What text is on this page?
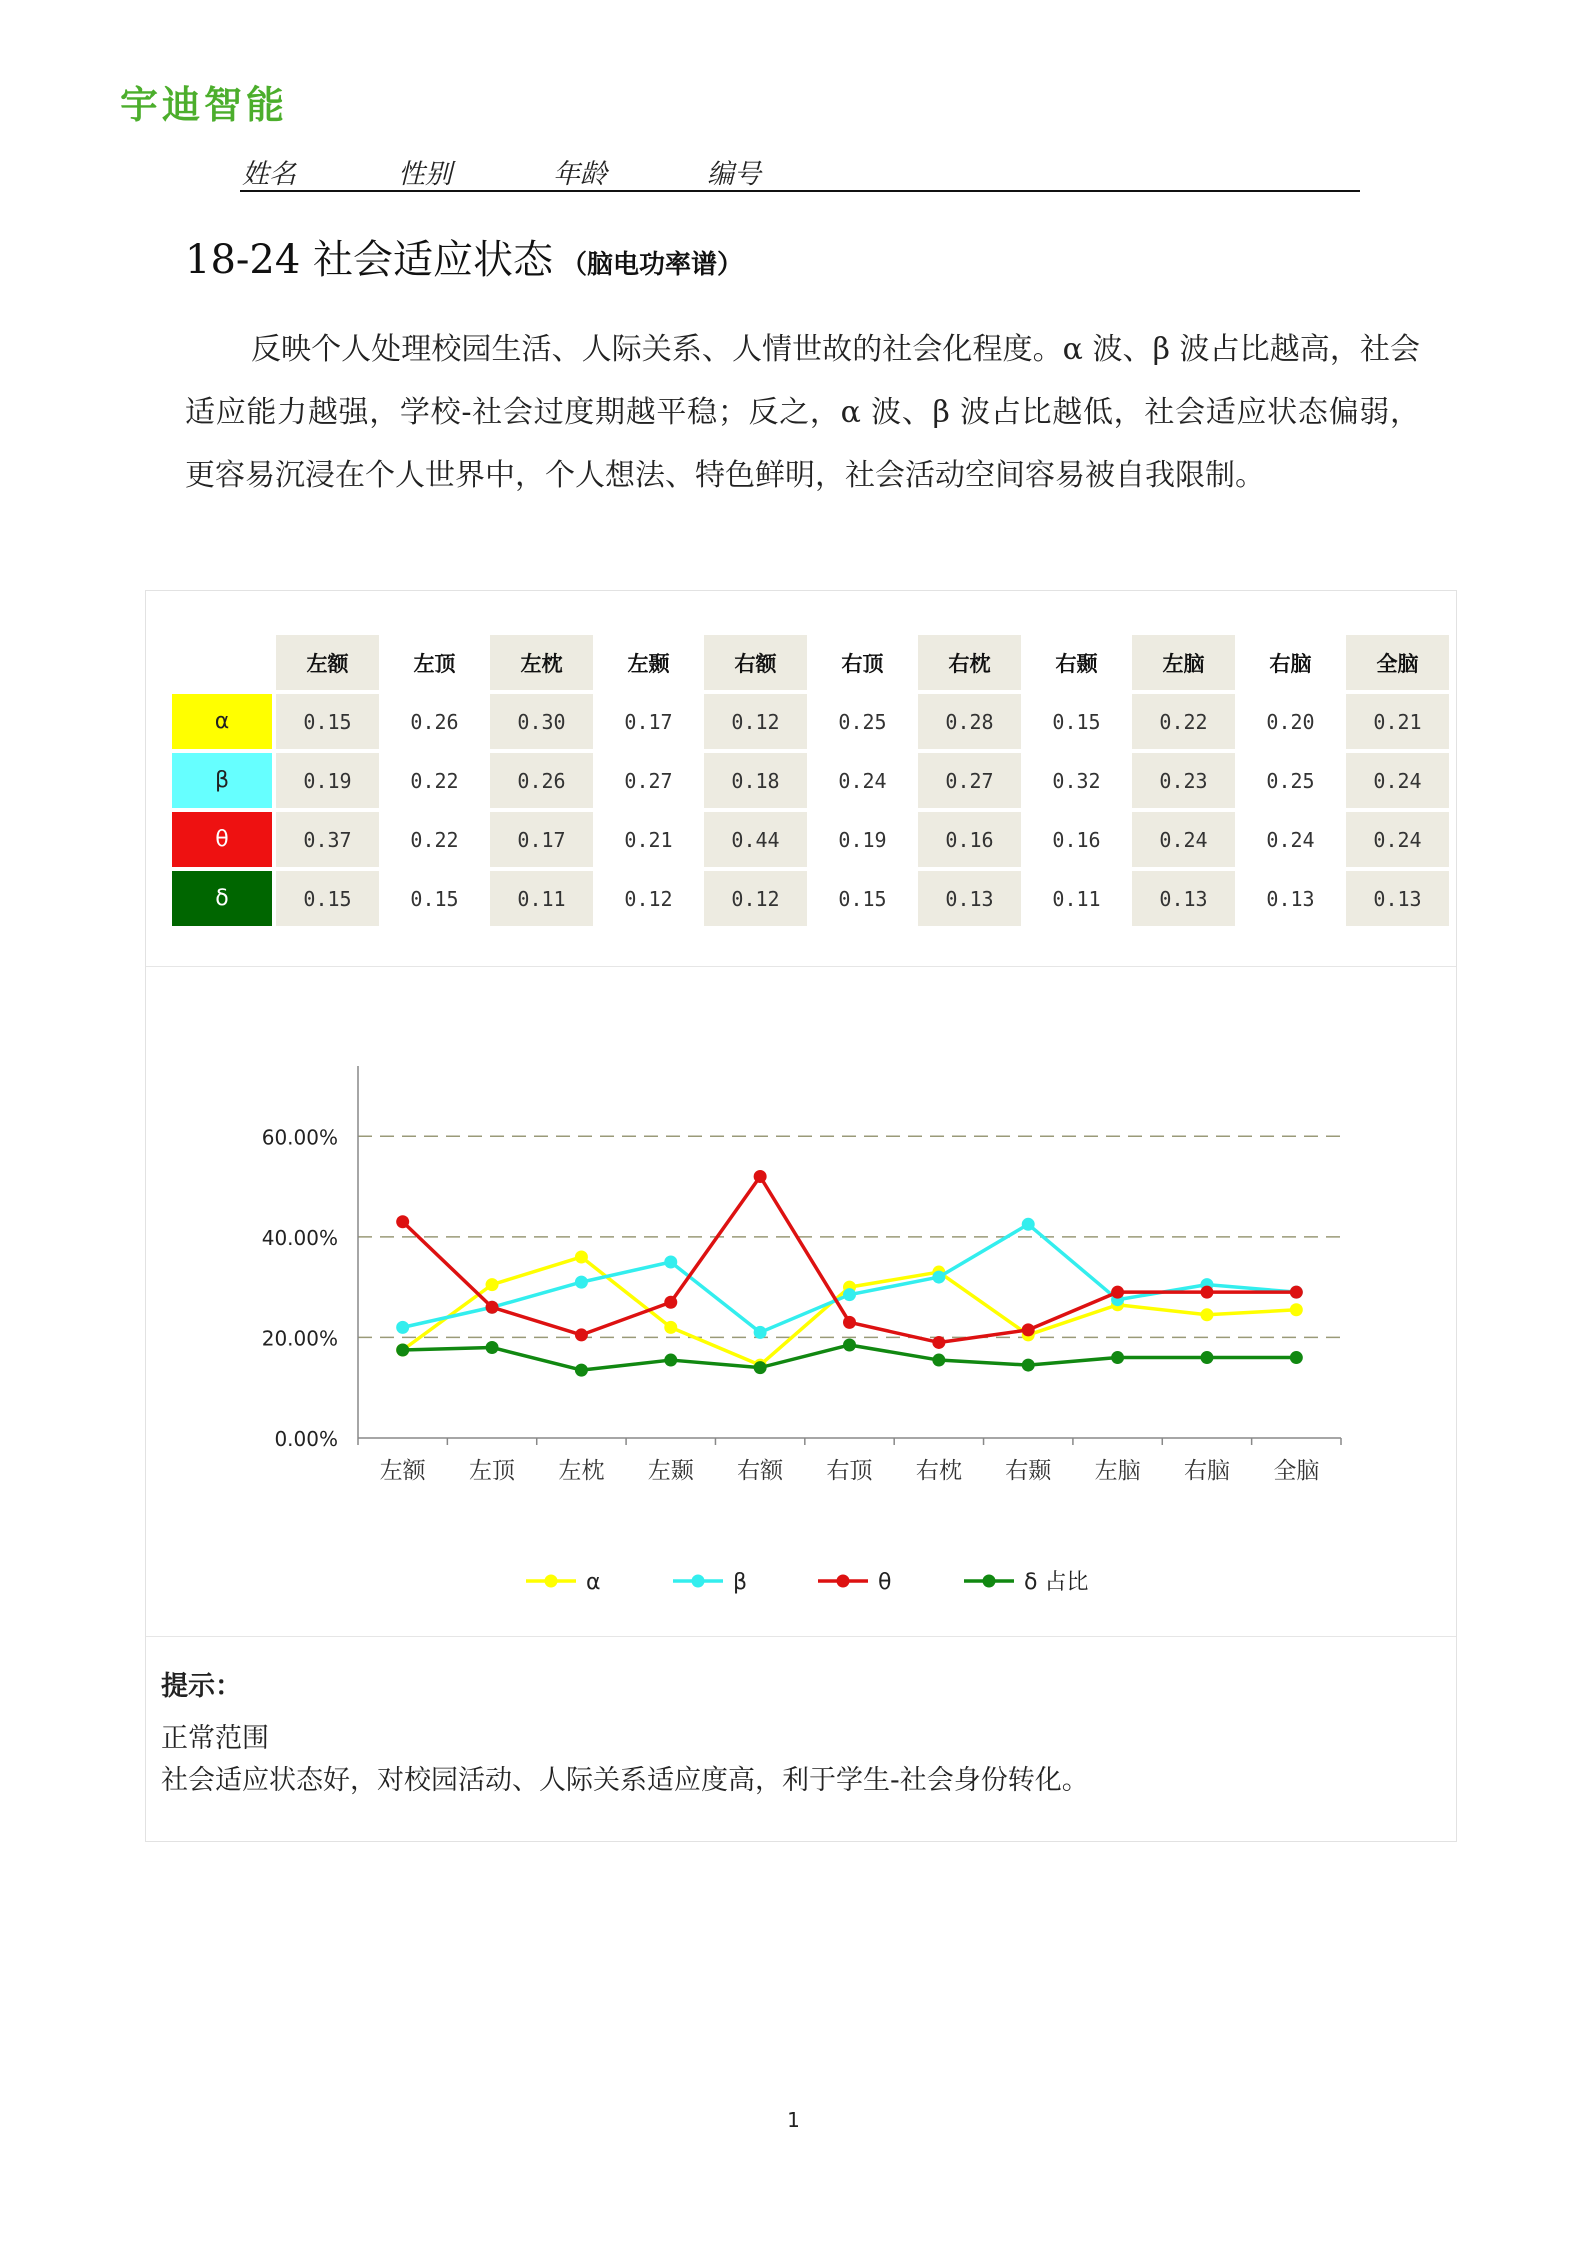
宇迪智能
姓名	性别	年龄	编号
18-24 社会适应状态 （脑电功率谱）
反映个人处理校园生活、人际关系、人情世故的社会化程度。α 波、β 波占比越高，社会适应能力越强，学校-社会过度期越平稳；反之，α 波、β 波占比越低，社会适应状态偏弱，更容易沉浸在个人世界中，个人想法、特色鲜明，社会活动空间容易被自我限制。
	左额	左顶	左枕	左颞	右额	右顶	右枕	右颞	左脑	右脑	全脑
α	0.15	0.26	0.30	0.17	0.12	0.25	0.28	0.15	0.22	0.20	0.21
β	0.19	0.22	0.26	0.27	0.18	0.24	0.27	0.32	0.23	0.25	0.24
θ	0.37	0.22	0.17	0.21	0.44	0.19	0.16	0.16	0.24	0.24	0.24
δ	0.15	0.15	0.11	0.12	0.12	0.15	0.13	0.11	0.13	0.13	0.13
0.00%
20.00%
40.00%
60.00%
左额 左顶 左枕 左颞 右额 右顶 右枕 右颞 左脑 右脑 全脑
α	β	θ	δ 占比
提示：
正常范围
社会适应状态好，对校园活动、人际关系适应度高，利于学生-社会身份转化。
1
